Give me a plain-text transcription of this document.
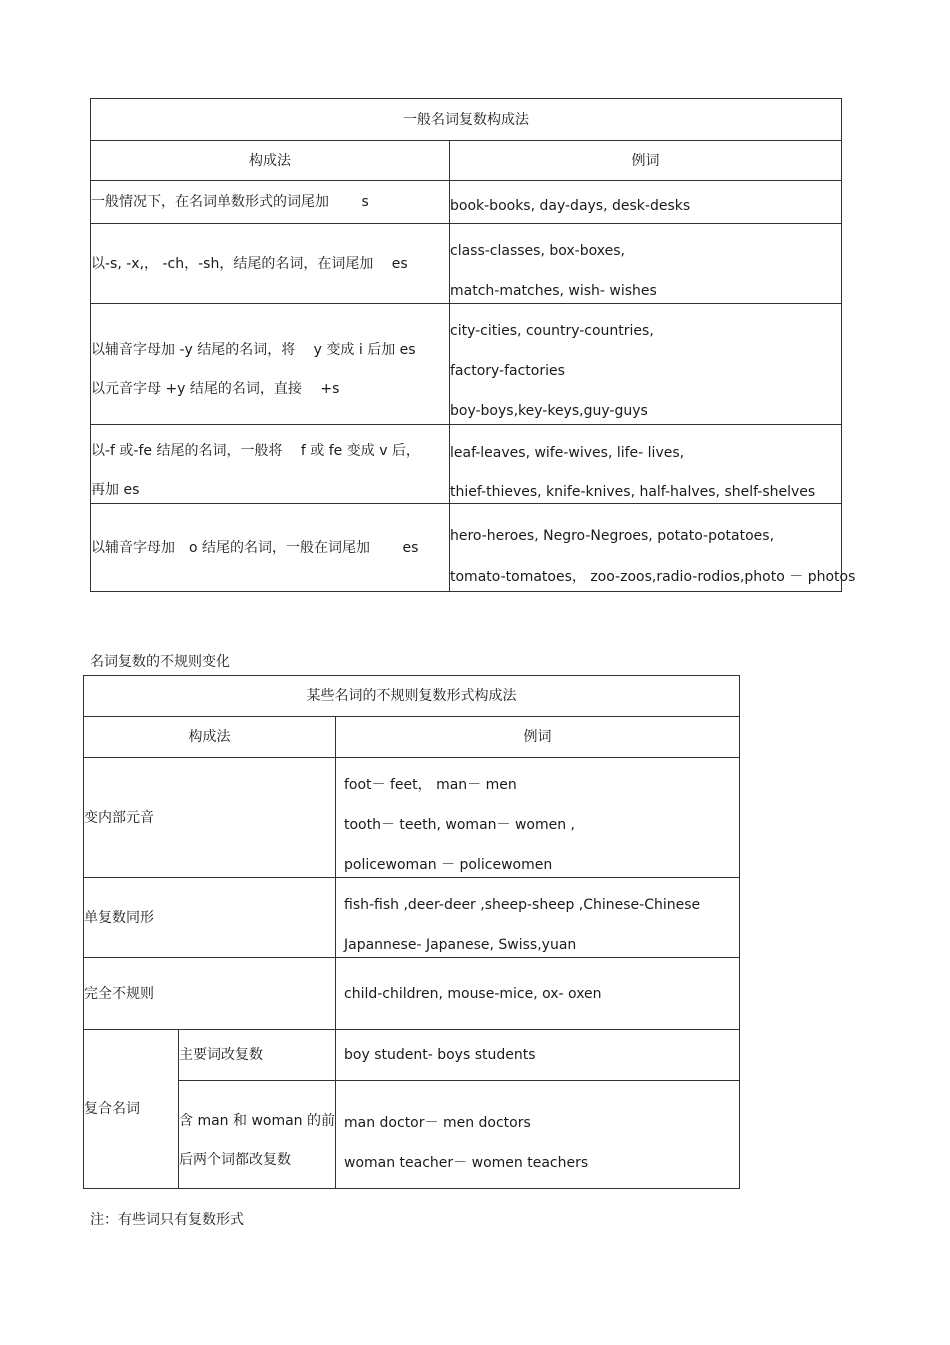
一般名词复数构成法	
构成法	例词

一般情况下，在名词单数形式的词尾加　　 s	book-books, day-days, desk-desks

以-s, -x,， -ch，-sh，结尾的名词，在词尾加　 es	class-classes, box-boxes,
match-matches, wish- wishes

以辅音字母加 -y 结尾的名词，将　 y 变成 i 后加 es
以元音字母 +y 结尾的名词，直接　 +s	city-cities, country-countries,
factory-factories
boy-boys,key-keys,guy-guys

以-f 或-fe 结尾的名词，一般将　 f 或 fe 变成 v 后，
再加 es	leaf-leaves, wife-wives, life- lives,
thief-thieves, knife-knives, half-halves, shelf-shelves

以辅音字母加　o 结尾的名词，一般在词尾加　　 es	hero-heroes, Negro-Negroes, potato-potatoes,
tomato-tomatoes， zoo-zoos,radio-rodios,photo － photos
名词复数的不规则变化
某些名词的不规则复数形式构成法		
构成法		例词
变内部元音		foot－ feet， man－ men
tooth－ teeth, woman－ women ,
policewoman － policewomen

单复数同形		fish-fish ,deer-deer ,sheep-sheep ,Chinese-Chinese
Japannese- Japanese, Swiss,yuan

完全不规则		child-children, mouse-mice, ox- oxen

复合名词	主要词改复数	boy student- boys students

	含 man 和 woman 的前
后两个词都改复数	man doctor－ men doctors
woman teacher－ women teachers
注：有些词只有复数形式
